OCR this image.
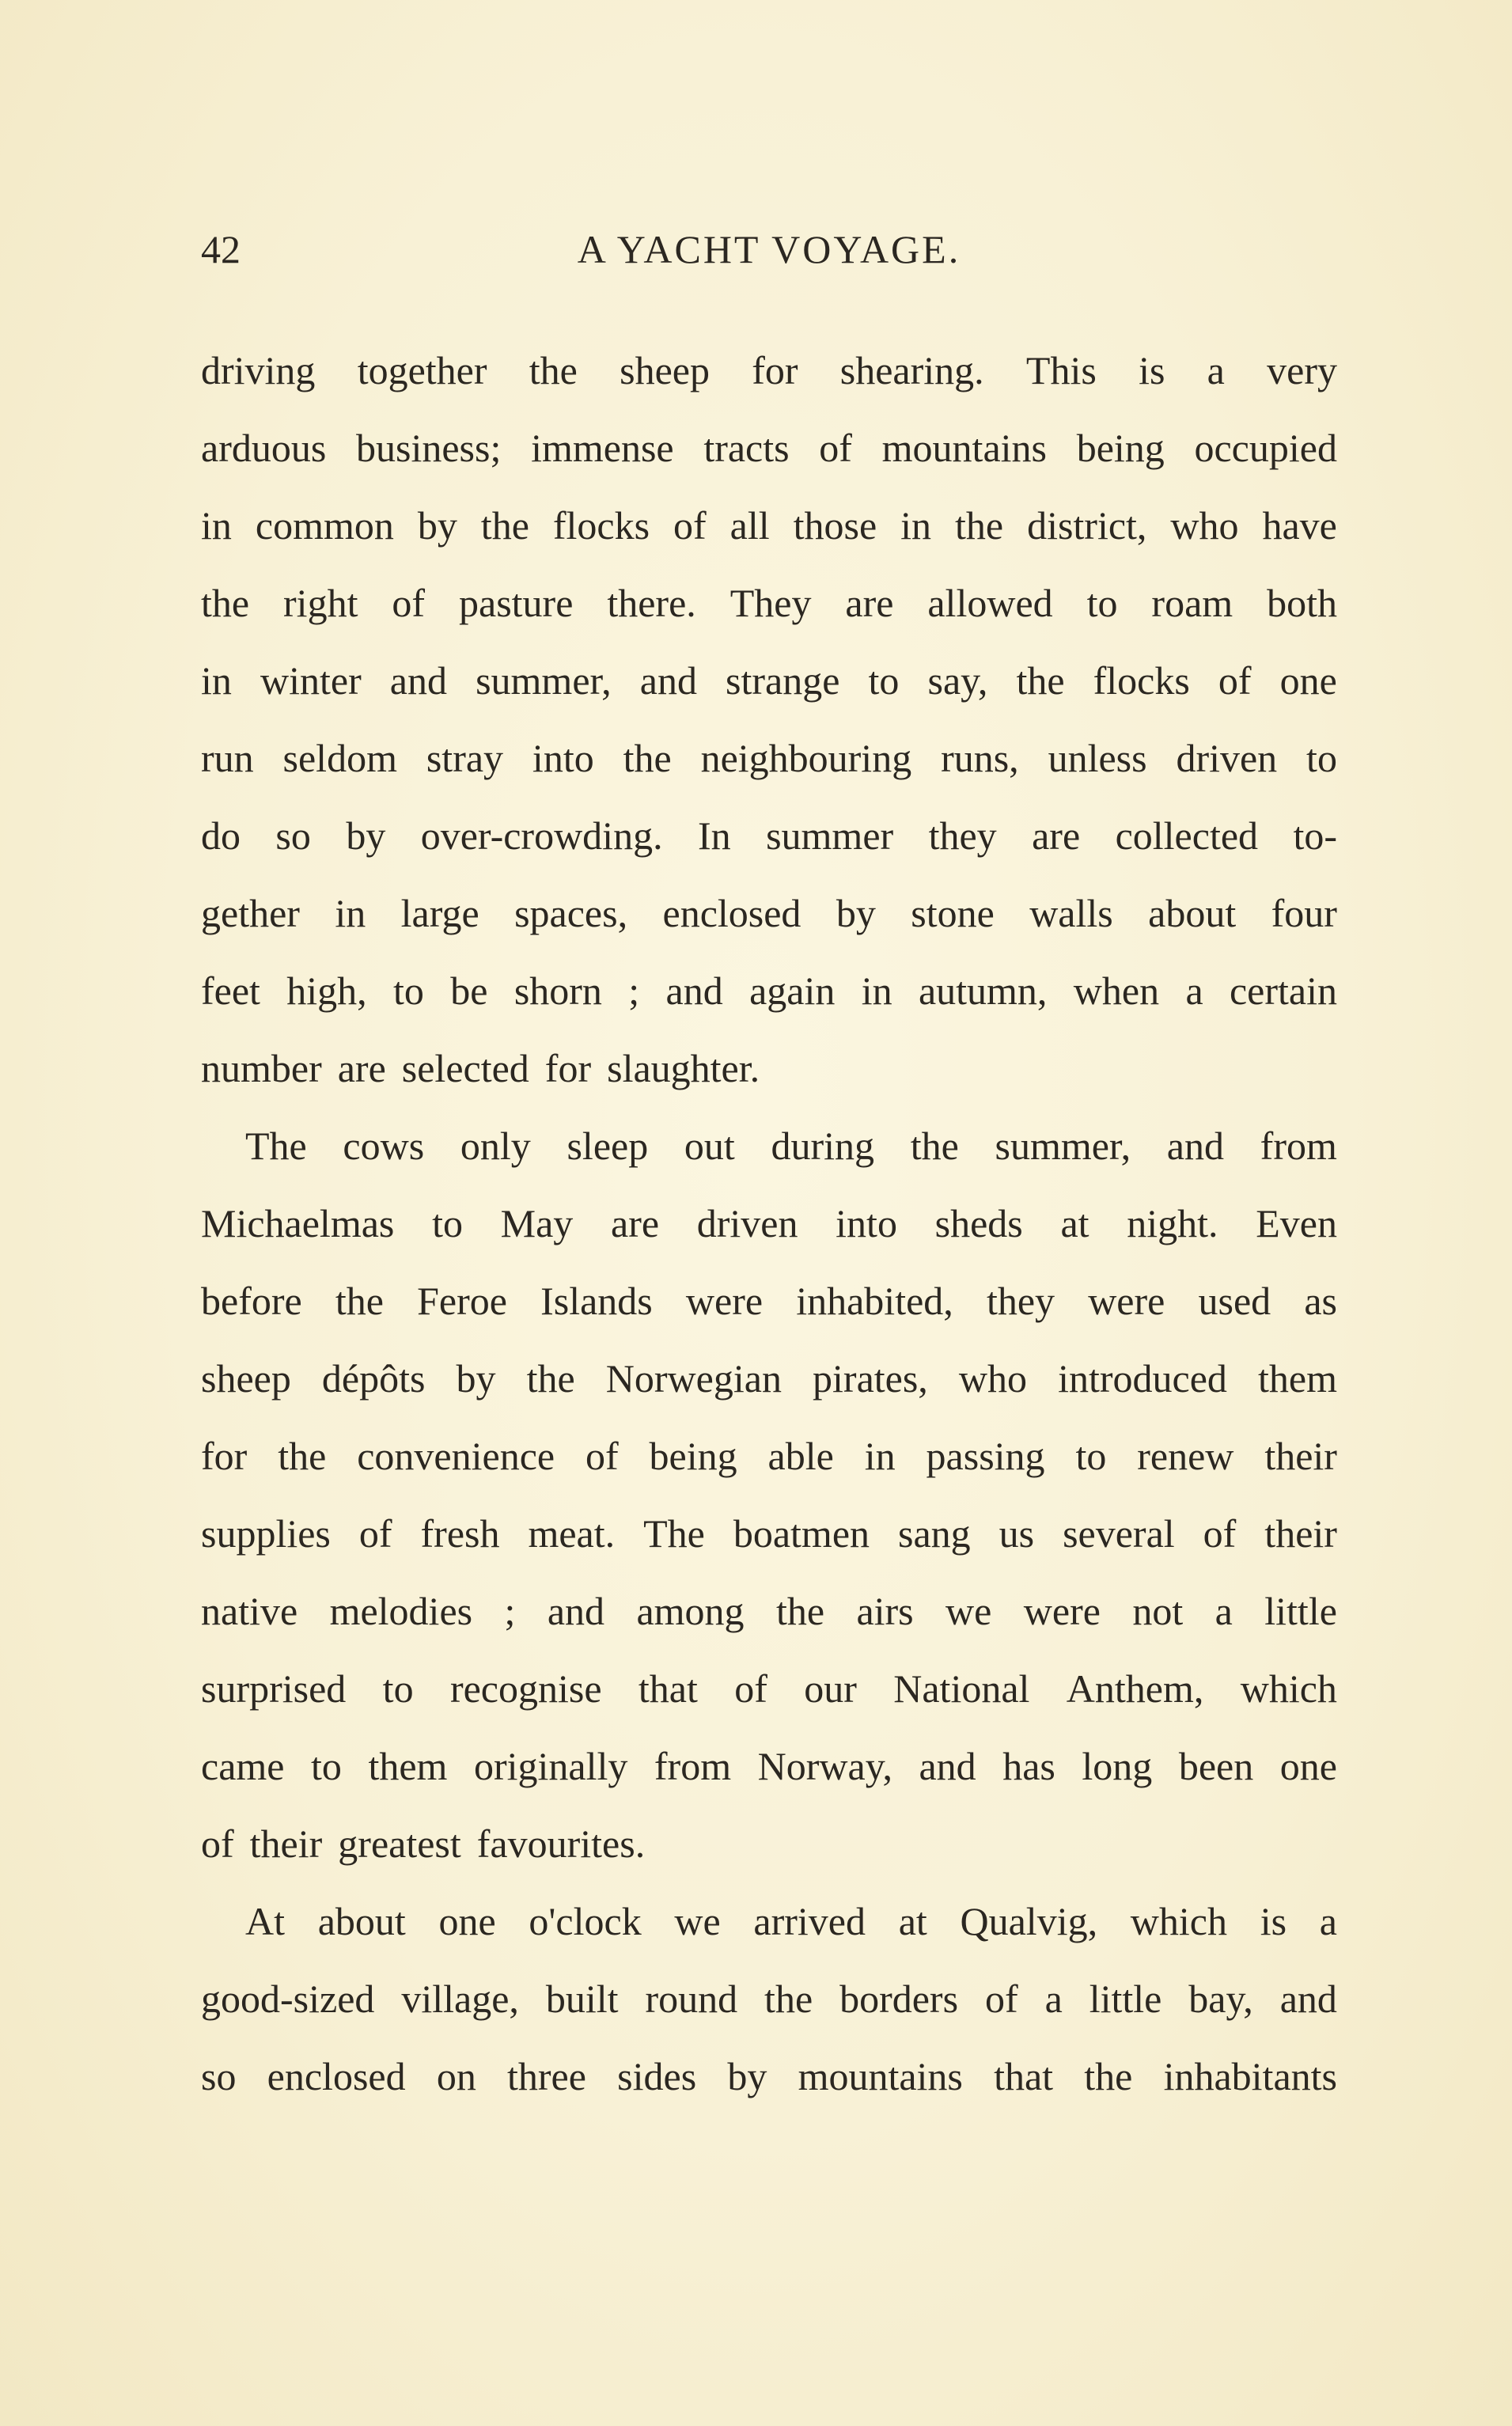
42	A YACHT VOYAGE.
driving together the sheep for shearing. This is a very
arduous business; immense tracts of mountains being occupied
in common by the flocks of all those in the district, who have
the right of pasture there. They are allowed to roam both
in winter and summer, and strange to say, the flocks of one
run seldom stray into the neighbouring runs, unless driven to
do so by over-crowding. In summer they are collected to-
gether in large spaces, enclosed by stone walls about four
feet high, to be shorn ; and again in autumn, when a certain
number are selected for slaughter.
The cows only sleep out during the summer, and from
Michaelmas to May are driven into sheds at night. Even
before the Feroe Islands were inhabited, they were used as
sheep dépôts by the Norwegian pirates, who introduced them
for the convenience of being able in passing to renew their
supplies of fresh meat. The boatmen sang us several of their
native melodies ; and among the airs we were not a little
surprised to recognise that of our National Anthem, which
came to them originally from Norway, and has long been one
of their greatest favourites.
At about one o'clock we arrived at Qualvig, which is a
good-sized village, built round the borders of a little bay, and
so enclosed on three sides by mountains that the inhabitants
